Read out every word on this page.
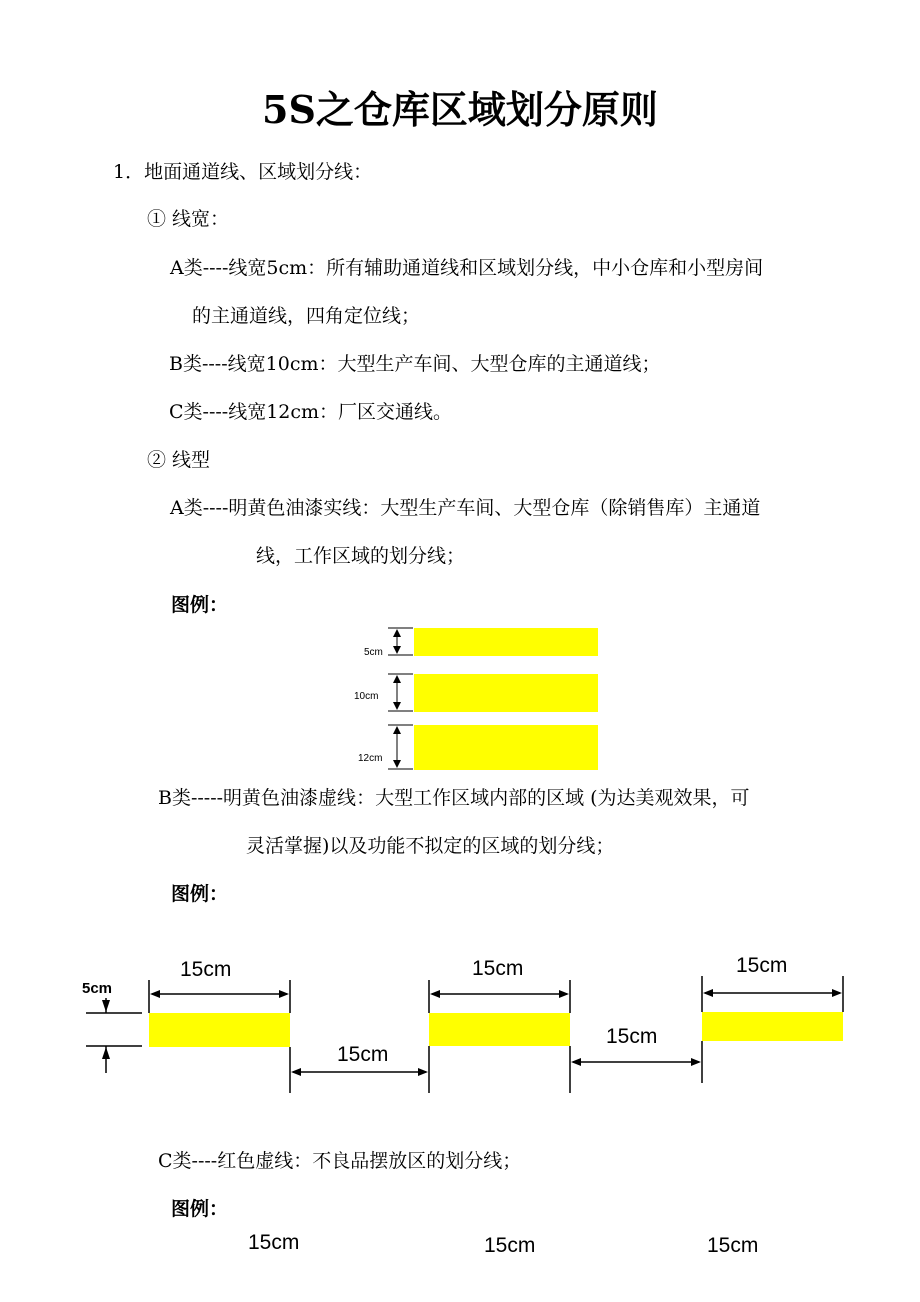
5S之仓库区域划分原则
1．地面通道线、区域划分线：
① 线宽：
A类----线宽5cm：所有辅助通道线和区域划分线，中小仓库和小型房间
的主通道线，四角定位线；
B类----线宽10cm：大型生产车间、大型仓库的主通道线；
C类----线宽12cm：厂区交通线。
② 线型
A类----明黄色油漆实线：大型生产车间、大型仓库（除销售库）主通道
线，工作区域的划分线；
图例：
5cm
10cm
12cm
B类-----明黄色油漆虚线：大型工作区域内部的区域 (为达美观效果，可
灵活掌握)以及功能不拟定的区域的划分线；
图例：
5cm
15cm	15cm	15cm
15cm
15cm
C类----红色虚线：不良品摆放区的划分线；
图例：
15cm	15cm	15cm
